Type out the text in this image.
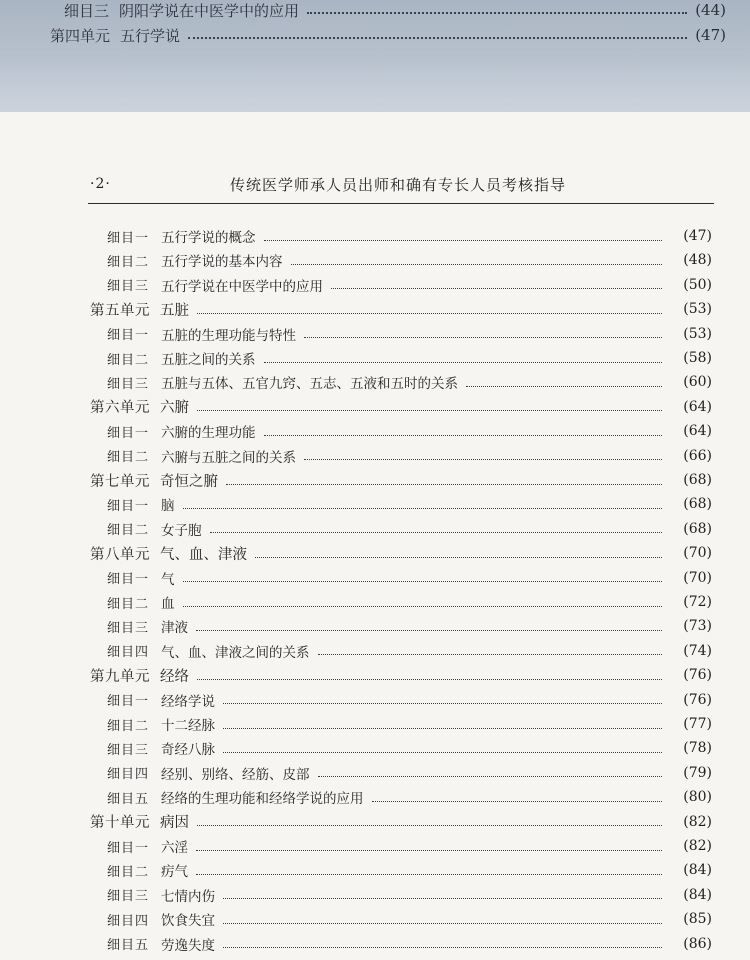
细目三 阴阳学说在中医学中的应用	(44)
第四单元 五行学说	(47)
·2·	传统医学师承人员出师和确有专长人员考核指导
细目一 五行学说的概念	(47)
细目二 五行学说的基本内容	(48)
细目三 五行学说在中医学中的应用	(50)
第五单元 五脏	(53)
细目一 五脏的生理功能与特性	(53)
细目二 五脏之间的关系	(58)
细目三 五脏与五体、五官九窍、五志、五液和五时的关系	(60)
第六单元 六腑	(64)
细目一 六腑的生理功能	(64)
细目二 六腑与五脏之间的关系	(66)
第七单元 奇恒之腑	(68)
细目一 脑	(68)
细目二 女子胞	(68)
第八单元 气、血、津液	(70)
细目一 气	(70)
细目二 血	(72)
细目三 津液	(73)
细目四 气、血、津液之间的关系	(74)
第九单元 经络	(76)
细目一 经络学说	(76)
细目二 十二经脉	(77)
细目三 奇经八脉	(78)
细目四 经别、别络、经筋、皮部	(79)
细目五 经络的生理功能和经络学说的应用	(80)
第十单元 病因	(82)
细目一 六淫	(82)
细目二 疠气	(84)
细目三 七情内伤	(84)
细目四 饮食失宜	(85)
细目五 劳逸失度	(86)
